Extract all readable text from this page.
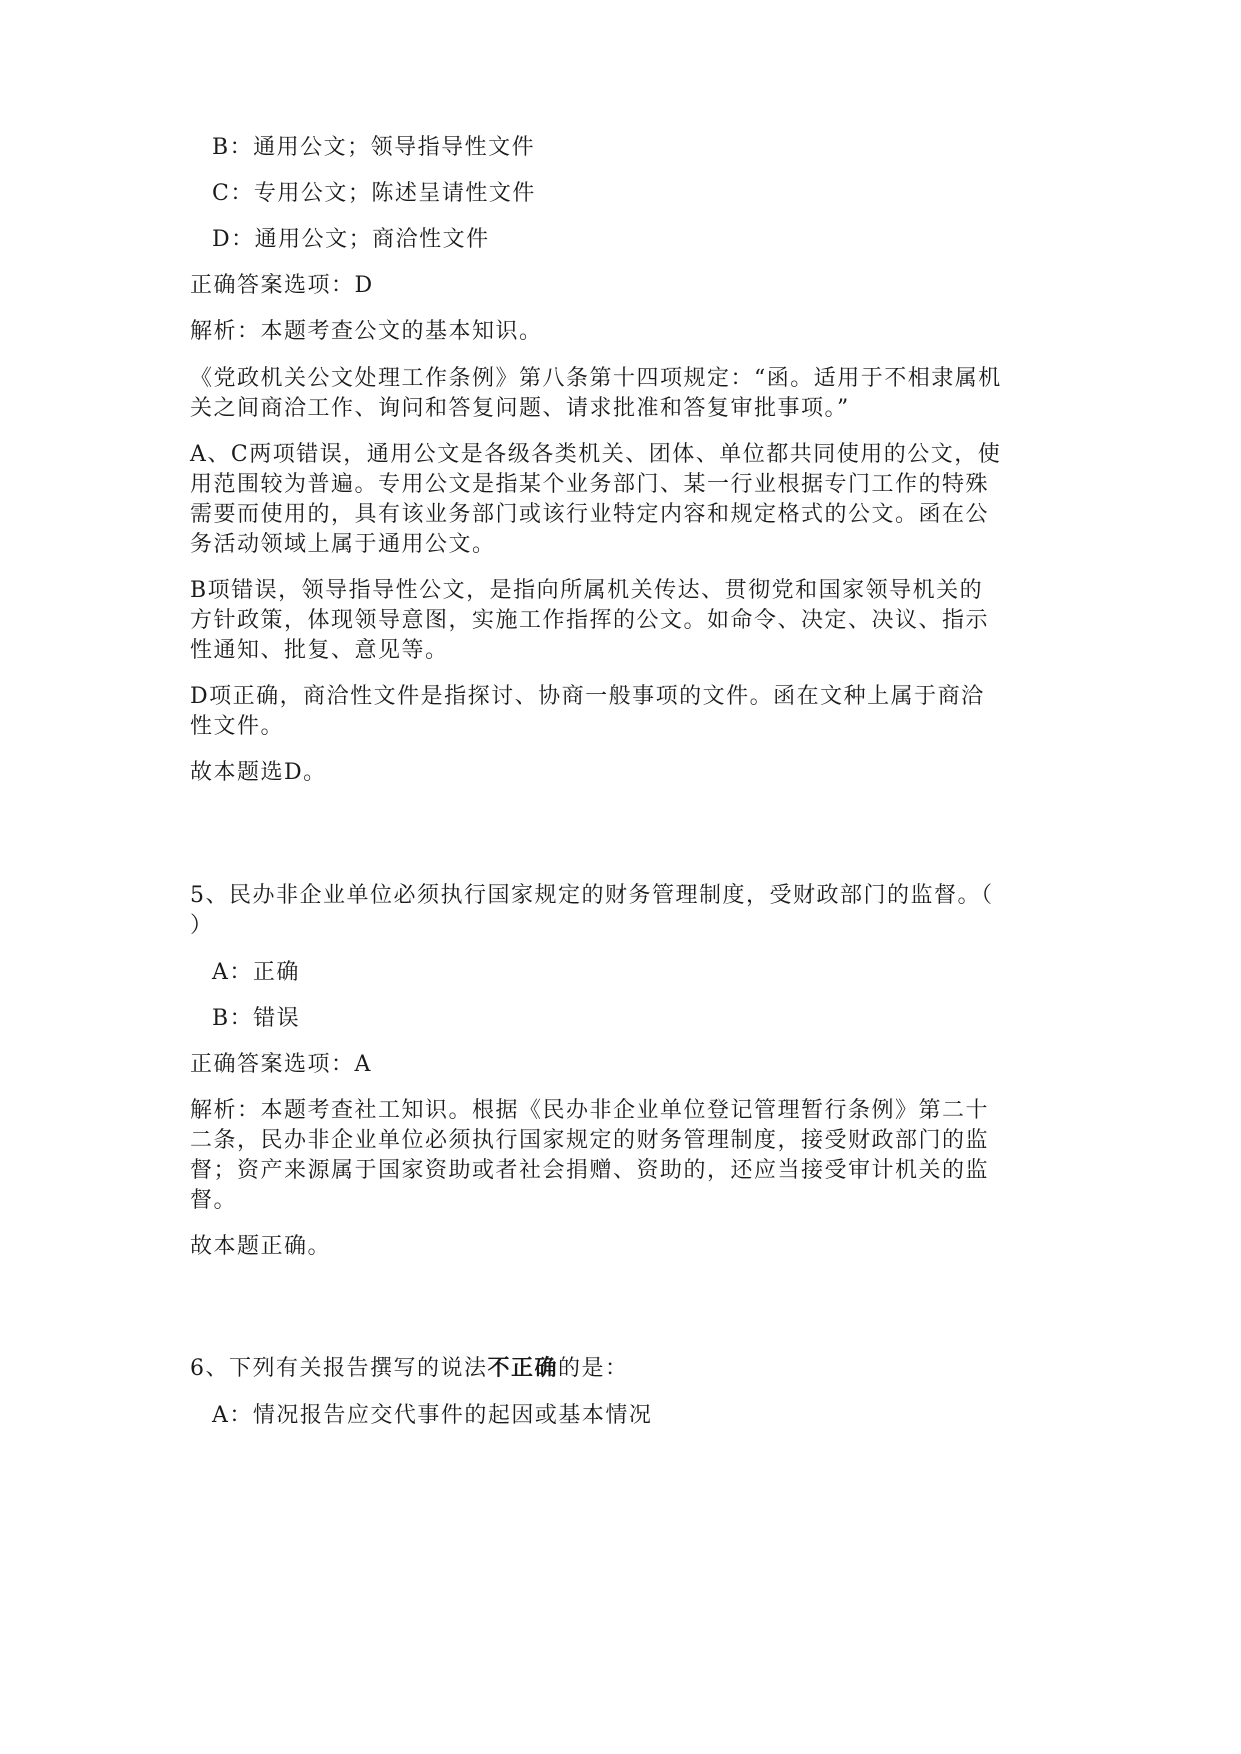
B：通用公文；领导指导性文件
C：专用公文；陈述呈请性文件
D：通用公文；商洽性文件
正确答案选项：D
解析：本题考查公文的基本知识。
《党政机关公文处理工作条例》第八条第十四项规定：“函。适用于不相隶属机
关之间商洽工作、询问和答复问题、请求批准和答复审批事项。”
A、C两项错误，通用公文是各级各类机关、团体、单位都共同使用的公文，使
用范围较为普遍。专用公文是指某个业务部门、某一行业根据专门工作的特殊
需要而使用的，具有该业务部门或该行业特定内容和规定格式的公文。函在公
务活动领域上属于通用公文。
B项错误，领导指导性公文，是指向所属机关传达、贯彻党和国家领导机关的
方针政策，体现领导意图，实施工作指挥的公文。如命令、决定、决议、指示
性通知、批复、意见等。
D项正确，商洽性文件是指探讨、协商一般事项的文件。函在文种上属于商洽
性文件。
故本题选D。
5、民办非企业单位必须执行国家规定的财务管理制度，受财政部门的监督。（
）
A：正确
B：错误
正确答案选项：A
解析：本题考查社工知识。根据《民办非企业单位登记管理暂行条例》第二十
二条，民办非企业单位必须执行国家规定的财务管理制度，接受财政部门的监
督；资产来源属于国家资助或者社会捐赠、资助的，还应当接受审计机关的监
督。
故本题正确。
6、下列有关报告撰写的说法不正确的是：
A：情况报告应交代事件的起因或基本情况
